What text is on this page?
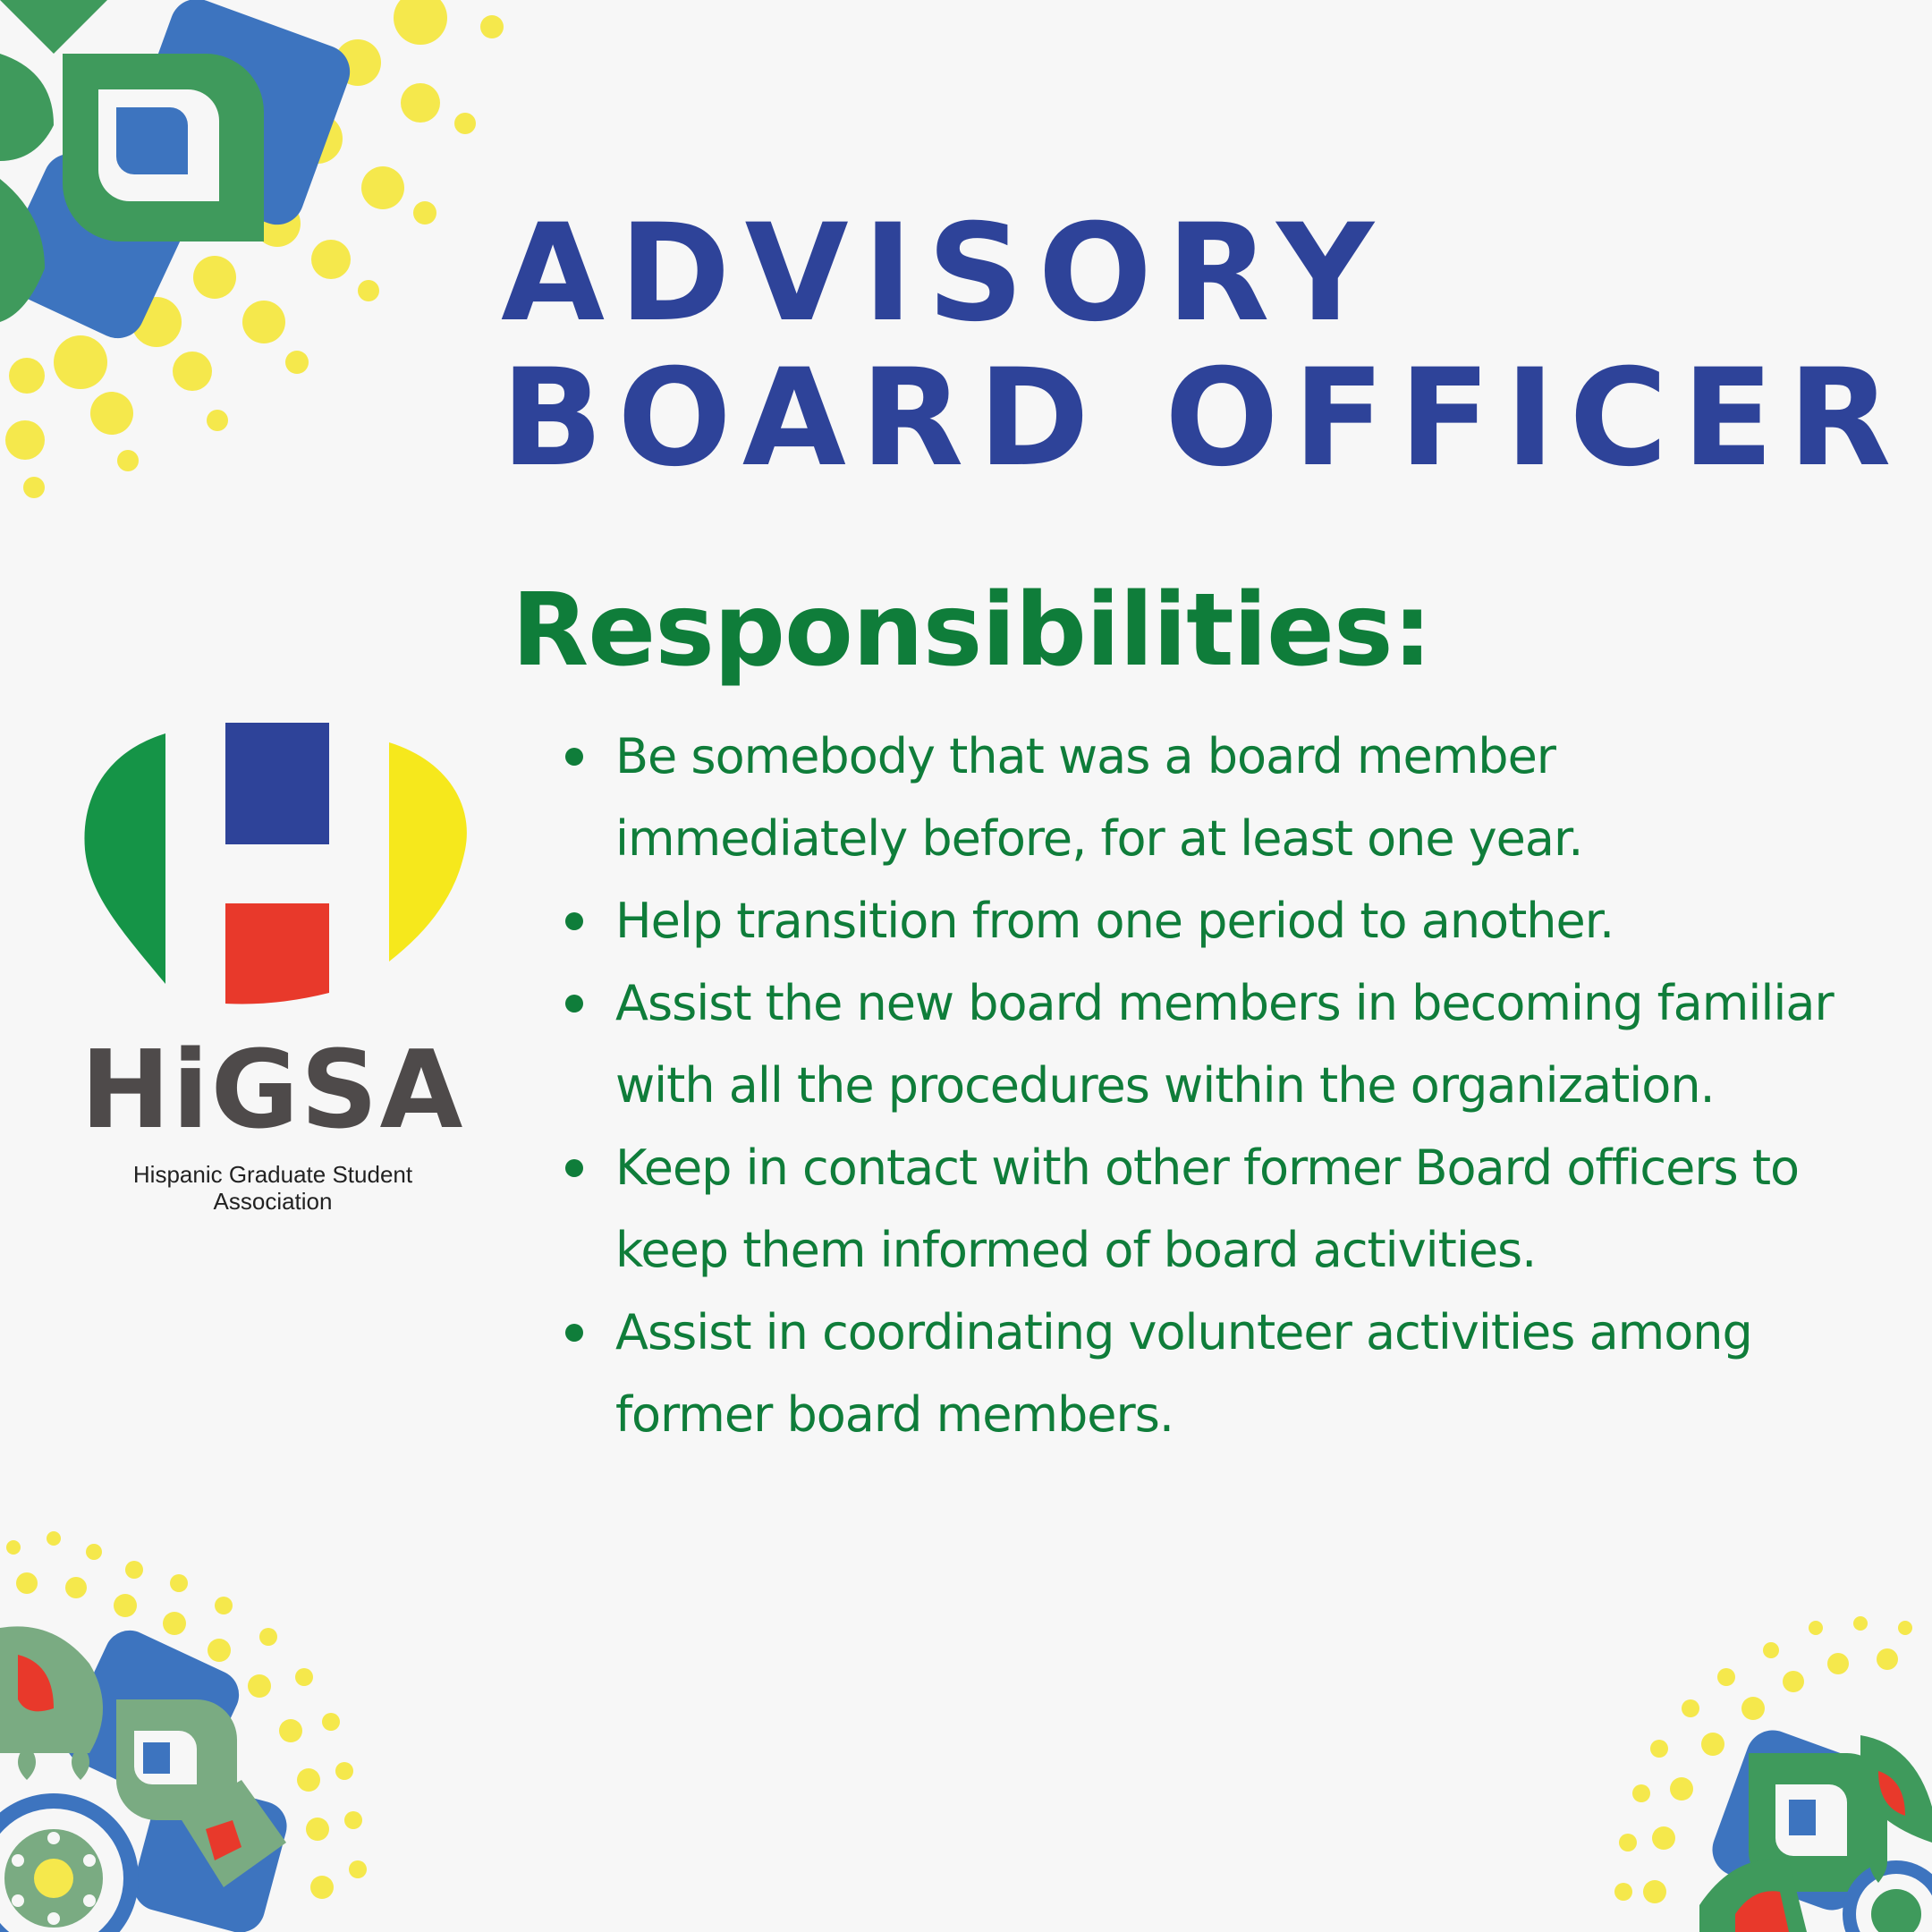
ADVISORY
BOARD OFFICER
Responsibilities:
Be somebody that was a board member immediately before, for at least one year.
Help transition from one period to another.
Assist the new board members in becoming familiar with all the procedures within the organization.
Keep in contact with other former Board officers to keep them informed of board activities.
Assist in coordinating volunteer activities among former board members.

HiGSA

Hispanic Graduate Student Association
